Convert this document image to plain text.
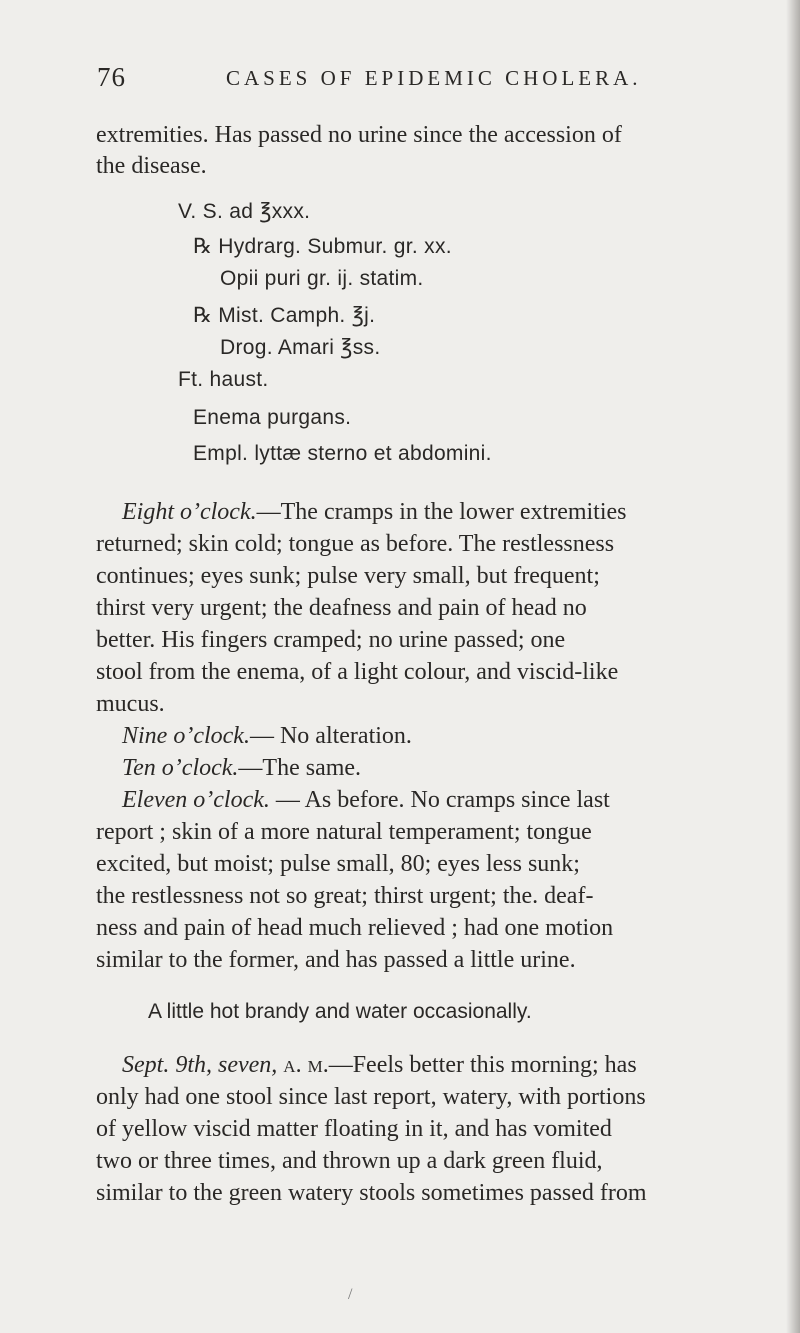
76	CASES OF EPIDEMIC CHOLERA.
extremities. Has passed no urine since the accession of
the disease.
V. S. ad ℥xxx.
℞ Hydrarg. Submur. gr. xx.
Opii puri gr. ij. statim.
℞ Mist. Camph. ℥j.
Drog. Amari ℥ss.
Ft. haust.
Enema purgans.
Empl. lyttæ sterno et abdomini.
Eight o’clock.—The cramps in the lower extremities
returned; skin cold; tongue as before. The restlessness
continues; eyes sunk; pulse very small, but frequent;
thirst very urgent; the deafness and pain of head no
better. His fingers cramped; no urine passed; one
stool from the enema, of a light colour, and viscid-like
mucus.
Nine o’clock.— No alteration.
Ten o’clock.—The same.
Eleven o’clock. — As before. No cramps since last
report ; skin of a more natural temperament; tongue
excited, but moist; pulse small, 80; eyes less sunk;
the restlessness not so great; thirst urgent; the. deaf-
ness and pain of head much relieved ; had one motion
similar to the former, and has passed a little urine.
A little hot brandy and water occasionally.
Sept. 9th, seven, a. m.—Feels better this morning; has
only had one stool since last report, watery, with portions
of yellow viscid matter floating in it, and has vomited
two or three times, and thrown up a dark green fluid,
similar to the green watery stools sometimes passed from
/
